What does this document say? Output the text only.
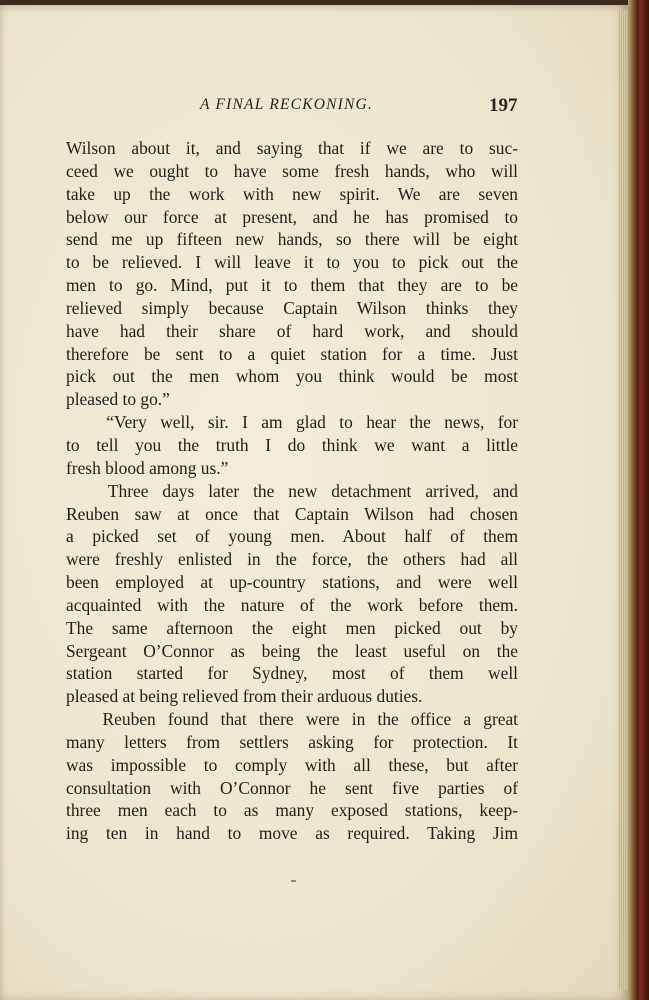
A FINAL RECKONING.	197
Wilson about it, and saying that if we are to suc-
ceed we ought to have some fresh hands, who will
take up the work with new spirit. We are seven
below our force at present, and he has promised to
send me up fifteen new hands, so there will be eight
to be relieved. I will leave it to you to pick out the
men to go. Mind, put it to them that they are to be
relieved simply because Captain Wilson thinks they
have had their share of hard work, and should
therefore be sent to a quiet station for a time. Just
pick out the men whom you think would be most
pleased to go.”
“Very well, sir. I am glad to hear the news, for
to tell you the truth I do think we want a little
fresh blood among us.”
Three days later the new detachment arrived, and
Reuben saw at once that Captain Wilson had chosen
a picked set of young men. About half of them
were freshly enlisted in the force, the others had all
been employed at up-country stations, and were well
acquainted with the nature of the work before them.
The same afternoon the eight men picked out by
Sergeant O’Connor as being the least useful on the
station started for Sydney, most of them well
pleased at being relieved from their arduous duties.
Reuben found that there were in the office a great
many letters from settlers asking for protection. It
was impossible to comply with all these, but after
consultation with O’Connor he sent five parties of
three men each to as many exposed stations, keep-
ing ten in hand to move as required. Taking Jim
